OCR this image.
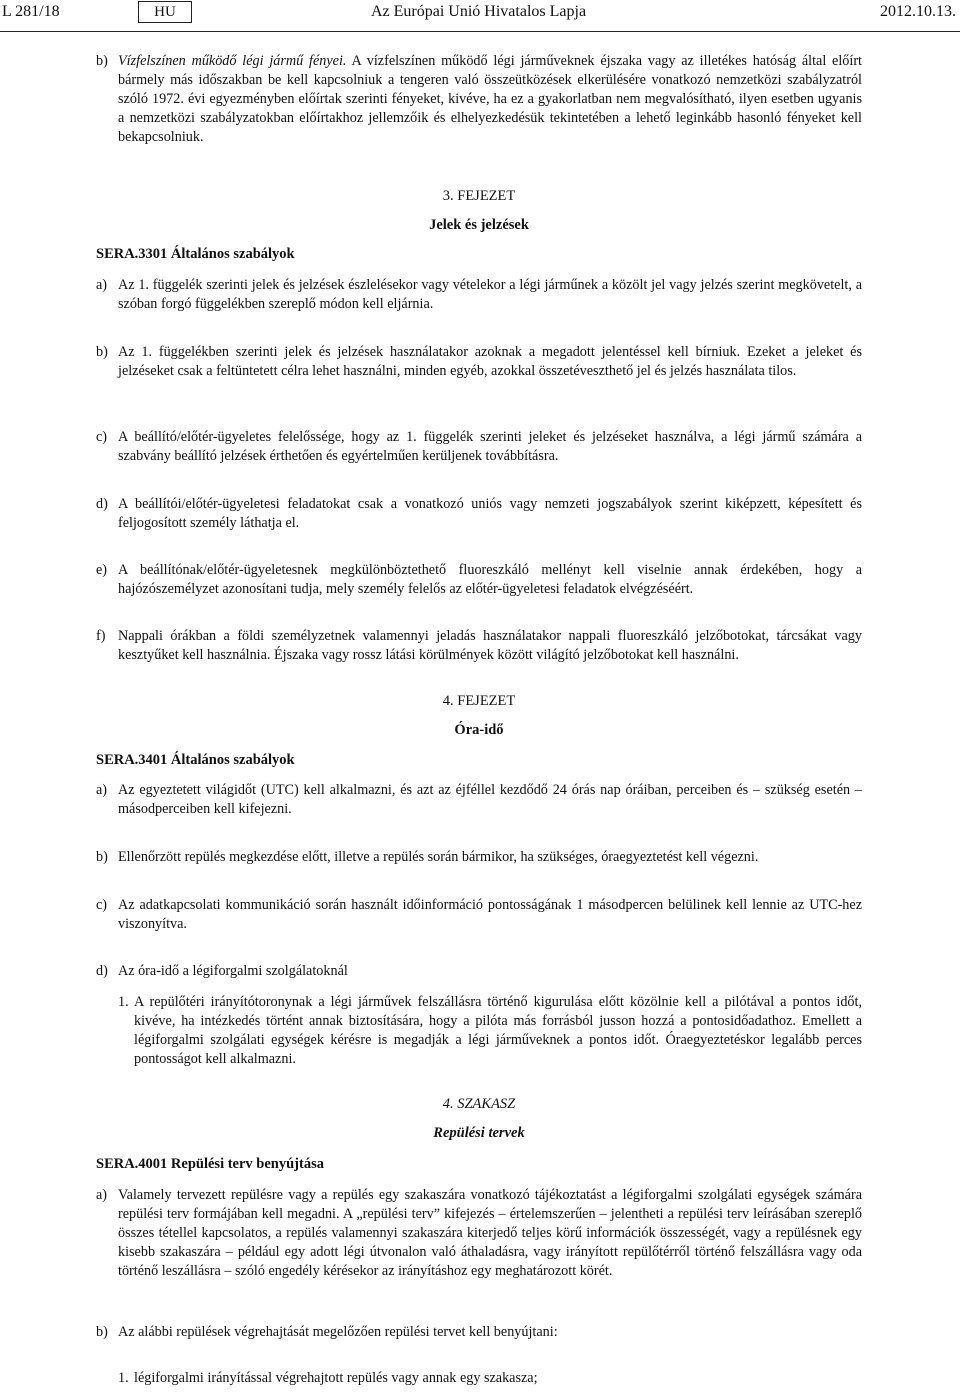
L 281/18	HU	Az Európai Unió Hivatalos Lapja	2012.10.13.
b) Vízfelszínen működő légi jármű fényei. A vízfelszínen működő légi járműveknek éjszaka vagy az illetékes hatóság által előírt bármely más időszakban be kell kapcsolniuk a tengeren való összeütközések elkerülésére vonatkozó nemzetközi szabályzatról szóló 1972. évi egyezményben előírtak szerinti fényeket, kivéve, ha ez a gyakorlatban nem megvalósítható, ilyen esetben ugyanis a nemzetközi szabályzatokban előírtakhoz jellemzőik és elhelyezkedésük tekintetében a lehető leginkább hasonló fényeket kell bekapcsolniuk.
3. FEJEZET
Jelek és jelzések
SERA.3301 Általános szabályok
a) Az 1. függelék szerinti jelek és jelzések észlelésekor vagy vételekor a légi járműnek a közölt jel vagy jelzés szerint megkövetelt, a szóban forgó függelékben szereplő módon kell eljárnia.
b) Az 1. függelékben szerinti jelek és jelzések használatakor azoknak a megadott jelentéssel kell bírniuk. Ezeket a jeleket és jelzéseket csak a feltüntetett célra lehet használni, minden egyéb, azokkal összetéveszthető jel és jelzés használata tilos.
c) A beállító/előtér-ügyeletes felelőssége, hogy az 1. függelék szerinti jeleket és jelzéseket használva, a légi jármű számára a szabvány beállító jelzések érthetően és egyértelműen kerüljenek továbbításra.
d) A beállítói/előtér-ügyeletesi feladatokat csak a vonatkozó uniós vagy nemzeti jogszabályok szerint kiképzett, képesített és feljogosított személy láthatja el.
e) A beállítónak/előtér-ügyeletesnek megkülönböztethető fluoreszkáló mellényt kell viselnie annak érdekében, hogy a hajózószemélyzet azonosítani tudja, mely személy felelős az előtér-ügyeletesi feladatok elvégzéséért.
f) Nappali órákban a földi személyzetnek valamennyi jeladás használatakor nappali fluoreszkáló jelzőbotokat, tárcsákat vagy kesztyűket kell használnia. Éjszaka vagy rossz látási körülmények között világító jelzőbotokat kell használni.
4. FEJEZET
Óra-idő
SERA.3401 Általános szabályok
a) Az egyeztetett világidőt (UTC) kell alkalmazni, és azt az éjféllel kezdődő 24 órás nap óráiban, perceiben és – szükség esetén – másodperceiben kell kifejezni.
b) Ellenőrzött repülés megkezdése előtt, illetve a repülés során bármikor, ha szükséges, óraegyeztetést kell végezni.
c) Az adatkapcsolati kommunikáció során használt időinformáció pontosságának 1 másodpercen belülinek kell lennie az UTC-hez viszonyítva.
d) Az óra-idő a légiforgalmi szolgálatoknál
1. A repülőtéri irányítótoronynak a légi járművek felszállásra történő kigurulása előtt közölnie kell a pilótával a pontos időt, kivéve, ha intézkedés történt annak biztosítására, hogy a pilóta más forrásból jusson hozzá a pontosidőadathoz. Emellett a légiforgalmi szolgálati egységek kérésre is megadják a légi járműveknek a pontos időt. Óraegyeztetéskor legalább perces pontosságot kell alkalmazni.
4. SZAKASZ
Repülési tervek
SERA.4001 Repülési terv benyújtása
a) Valamely tervezett repülésre vagy a repülés egy szakaszára vonatkozó tájékoztatást a légiforgalmi szolgálati egységek számára repülési terv formájában kell megadni. A „repülési terv” kifejezés – értelemszerűen – jelentheti a repülési terv leírásában szereplő összes tétellel kapcsolatos, a repülés valamennyi szakaszára kiterjedő teljes körű információk összességét, vagy a repülésnek egy kisebb szakaszára – például egy adott légi útvonalon való áthaladásra, vagy irányított repülőtérről történő felszállásra vagy oda történő leszállásra – szóló engedély kérésekor az irányításhoz egy meghatározott körét.
b) Az alábbi repülések végrehajtását megelőzően repülési tervet kell benyújtani:
1. légiforgalmi irányítással végrehajtott repülés vagy annak egy szakasza;
